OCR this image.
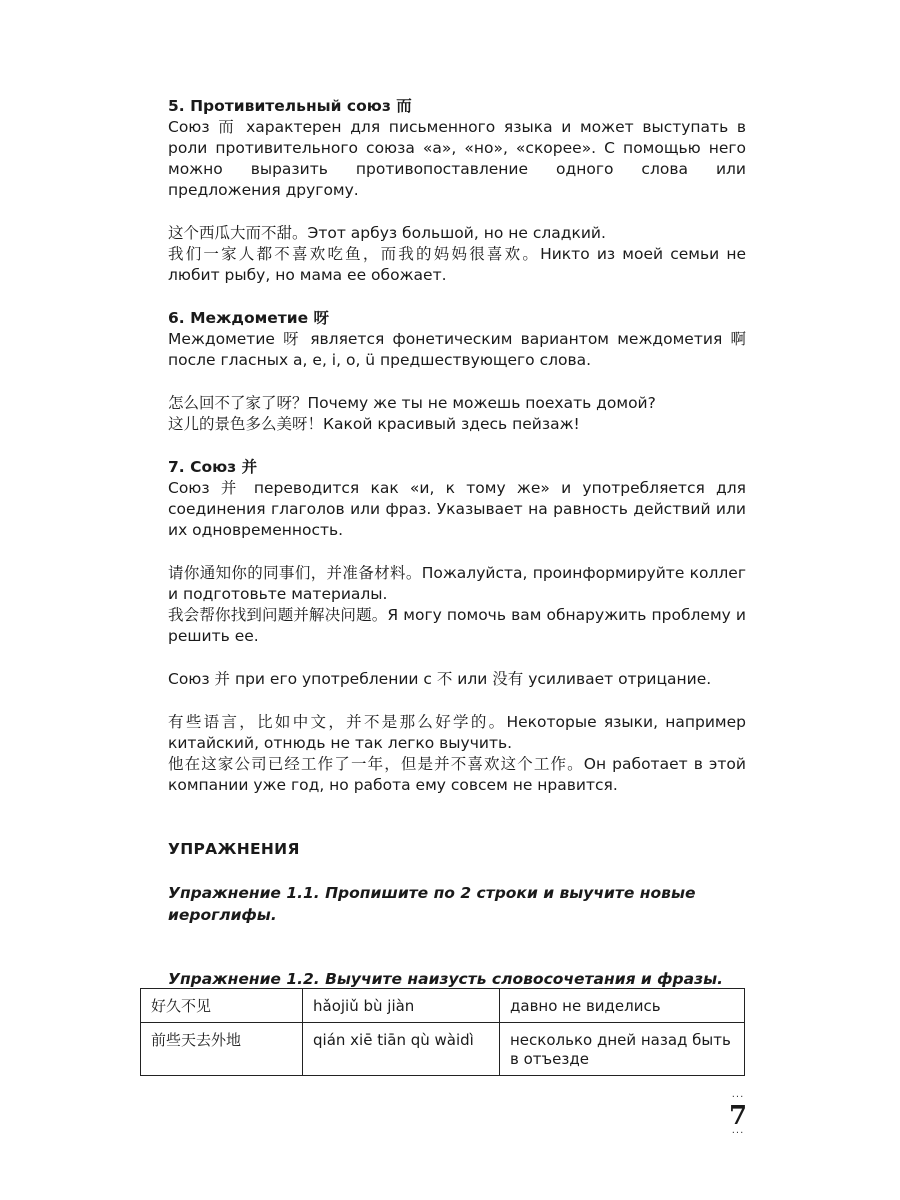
5. Противительный союз 而

Союз 而 характерен для письменного языка и может выступать в роли противительного союза «а», «но», «скорее». С помощью него можно выразить противопоставление одного слова или предложения другому.

这个西瓜大而不甜。Этот арбуз большой, но не сладкий.

我们一家人都不喜欢吃鱼，而我的妈妈很喜欢。Никто из моей семьи не любит рыбу, но мама ее обожает.

6. Междометие 呀

Междометие 呀 является фонетическим вариантом междометия 啊 после гласных a, e, i, o, ü предшествующего слова.

怎么回不了家了呀？Почему же ты не можешь поехать домой?

这儿的景色多么美呀！Какой красивый здесь пейзаж!

7. Союз 并

Союз 并 переводится как «и, к тому же» и употребляется для соединения глаголов или фраз. Указывает на равность действий или их одновременность.

请你通知你的同事们，并准备材料。Пожалуйста, проинформируйте коллег и подготовьте материалы.

我会帮你找到问题并解决问题。Я могу помочь вам обнаружить проблему и решить ее.

Союз 并 при его употреблении с 不 или 没有 усиливает отрицание.

有些语言，比如中文，并不是那么好学的。Некоторые языки, например китайский, отнюдь не так легко выучить.

他在这家公司已经工作了一年，但是并不喜欢这个工作。Он работает в этой компании уже год, но работа ему совсем не нравится.

УПРАЖНЕНИЯ

Упражнение 1.1. Пропишите по 2 строки и выучите новые иероглифы.

Упражнение 1.2. Выучите наизусть словосочетания и фразы.

好久不见	hǎojiǔ bù jiàn	давно не виделись
前些天去外地	qián xiē tiān qù wàidì	несколько дней назад быть в отъезде
···
7
···
